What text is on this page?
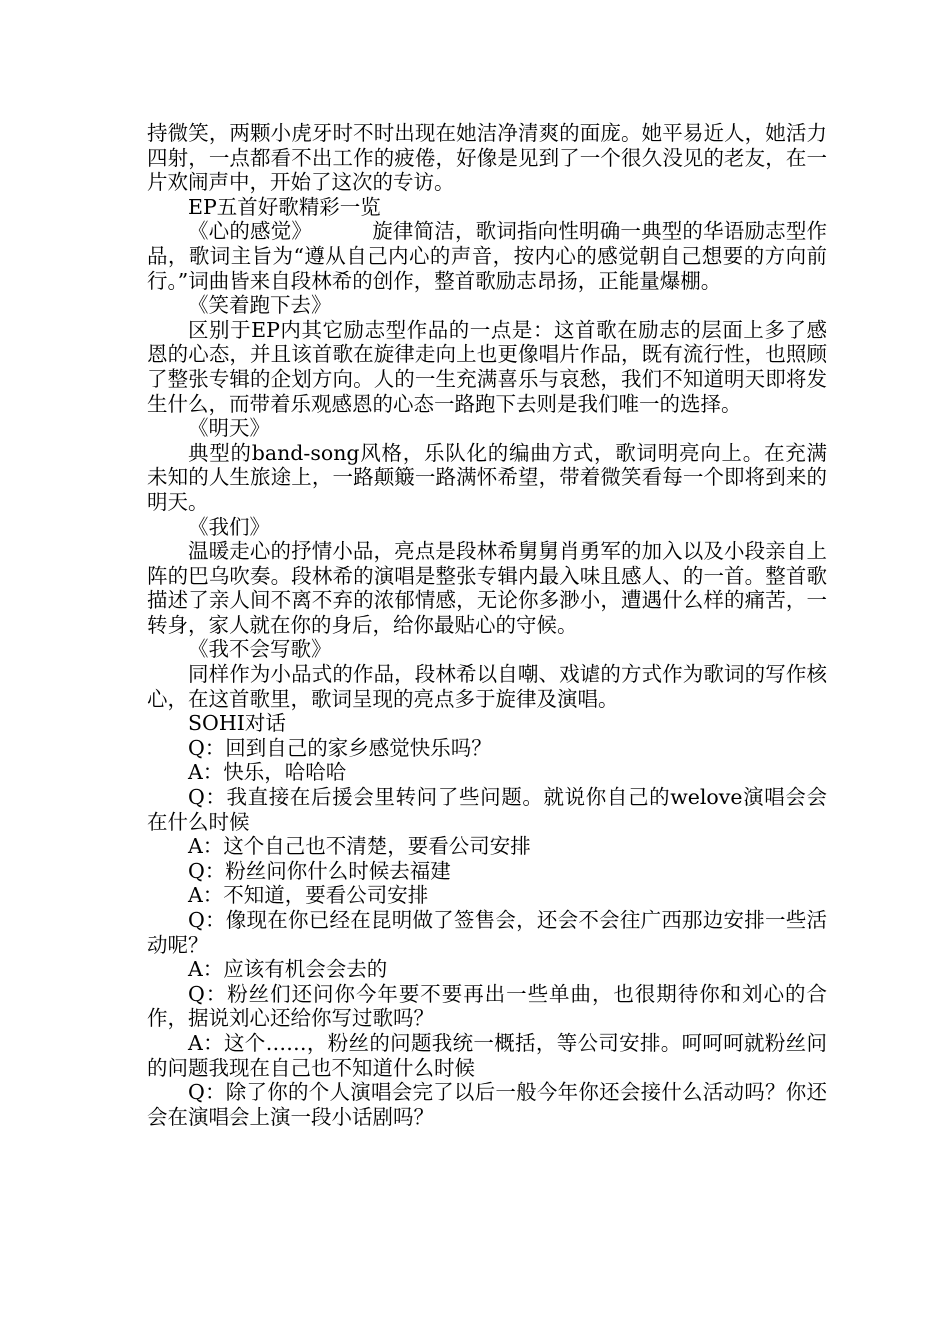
持微笑，两颗小虎牙时不时出现在她洁净清爽的面庞。她平易近人，她活力四射，一点都看不出工作的疲倦，好像是见到了一个很久没见的老友，在一片欢闹声中，开始了这次的专访。

EP五首好歌精彩一览

《心的感觉》	旋律简洁，歌词指向性明确一典型的华语励志型作品，歌词主旨为“遵从自己内心的声音，按内心的感觉朝自己想要的方向前行。”词曲皆来自段林希的创作，整首歌励志昂扬，正能量爆棚。

《笑着跑下去》

区别于EP内其它励志型作品的一点是：这首歌在励志的层面上多了感恩的心态，并且该首歌在旋律走向上也更像唱片作品，既有流行性，也照顾了整张专辑的企划方向。人的一生充满喜乐与哀愁，我们不知道明天即将发生什么，而带着乐观感恩的心态一路跑下去则是我们唯一的选择。

《明天》

典型的band-song风格，乐队化的编曲方式，歌词明亮向上。在充满未知的人生旅途上，一路颠簸一路满怀希望，带着微笑看每一个即将到来的明天。

《我们》

温暖走心的抒情小品，亮点是段林希舅舅肖勇军的加入以及小段亲自上阵的巴乌吹奏。段林希的演唱是整张专辑内最入味且感人、的一首。整首歌描述了亲人间不离不弃的浓郁情感，无论你多渺小，遭遇什么样的痛苦，一转身，家人就在你的身后，给你最贴心的守候。

《我不会写歌》

同样作为小品式的作品，段林希以自嘲、戏谑的方式作为歌词的写作核心，在这首歌里，歌词呈现的亮点多于旋律及演唱。

SOHI对话

Q：回到自己的家乡感觉快乐吗？

A：快乐，哈哈哈

Q：我直接在后援会里转问了些问题。就说你自己的welove演唱会会在什么时候

A：这个自己也不清楚，要看公司安排

Q：粉丝问你什么时候去福建

A：不知道，要看公司安排

Q：像现在你已经在昆明做了签售会，还会不会往广西那边安排一些活动呢？

A：应该有机会会去的

Q：粉丝们还问你今年要不要再出一些单曲，也很期待你和刘心的合作，据说刘心还给你写过歌吗？

A：这个……，粉丝的问题我统一概括，等公司安排。呵呵呵就粉丝问的问题我现在自己也不知道什么时候

Q：除了你的个人演唱会完了以后一般今年你还会接什么活动吗？你还会在演唱会上演一段小话剧吗？
